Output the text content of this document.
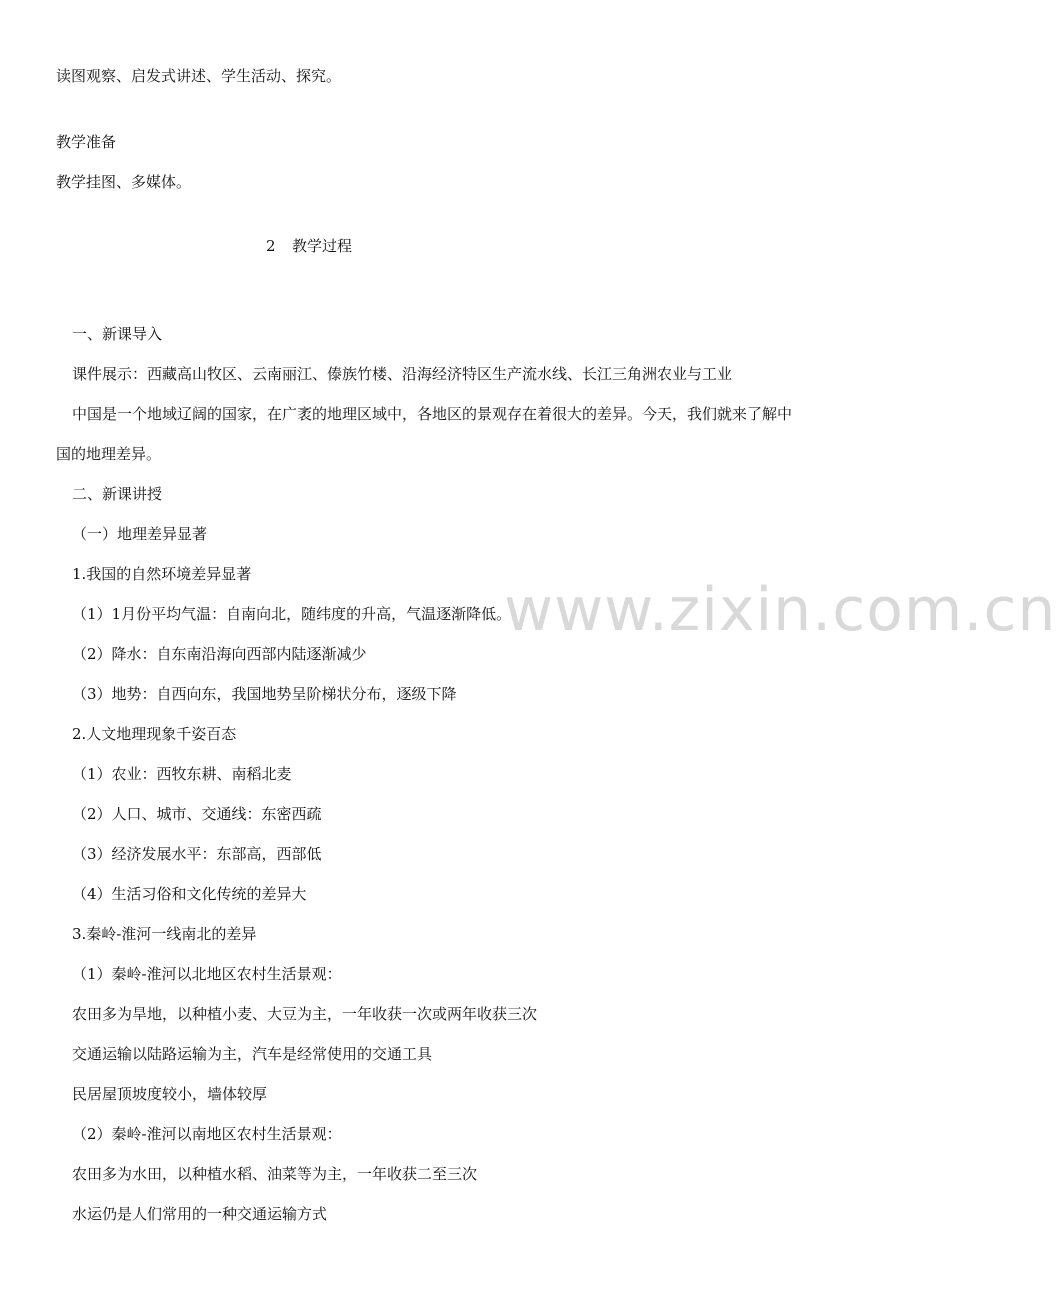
www.zixin.com.cn
读图观察、启发式讲述、学生活动、探究。
教学准备
教学挂图、多媒体。
2 教学过程
一、新课导入
课件展示：西藏高山牧区、云南丽江、傣族竹楼、沿海经济特区生产流水线、长江三角洲农业与工业
中国是一个地域辽阔的国家，在广袤的地理区域中，各地区的景观存在着很大的差异。今天，我们就来了解中
国的地理差异。
二、新课讲授
（一）地理差异显著
1.我国的自然环境差异显著
（1）1月份平均气温：自南向北，随纬度的升高，气温逐渐降低。
（2）降水：自东南沿海向西部内陆逐渐减少
（3）地势：自西向东，我国地势呈阶梯状分布，逐级下降
2.人文地理现象千姿百态
（1）农业：西牧东耕、南稻北麦
（2）人口、城市、交通线：东密西疏
（3）经济发展水平：东部高，西部低
（4）生活习俗和文化传统的差异大
3.秦岭-淮河一线南北的差异
（1）秦岭-淮河以北地区农村生活景观：
农田多为旱地，以种植小麦、大豆为主，一年收获一次或两年收获三次
交通运输以陆路运输为主，汽车是经常使用的交通工具
民居屋顶坡度较小，墙体较厚
（2）秦岭-淮河以南地区农村生活景观：
农田多为水田，以种植水稻、油菜等为主，一年收获二至三次
水运仍是人们常用的一种交通运输方式
